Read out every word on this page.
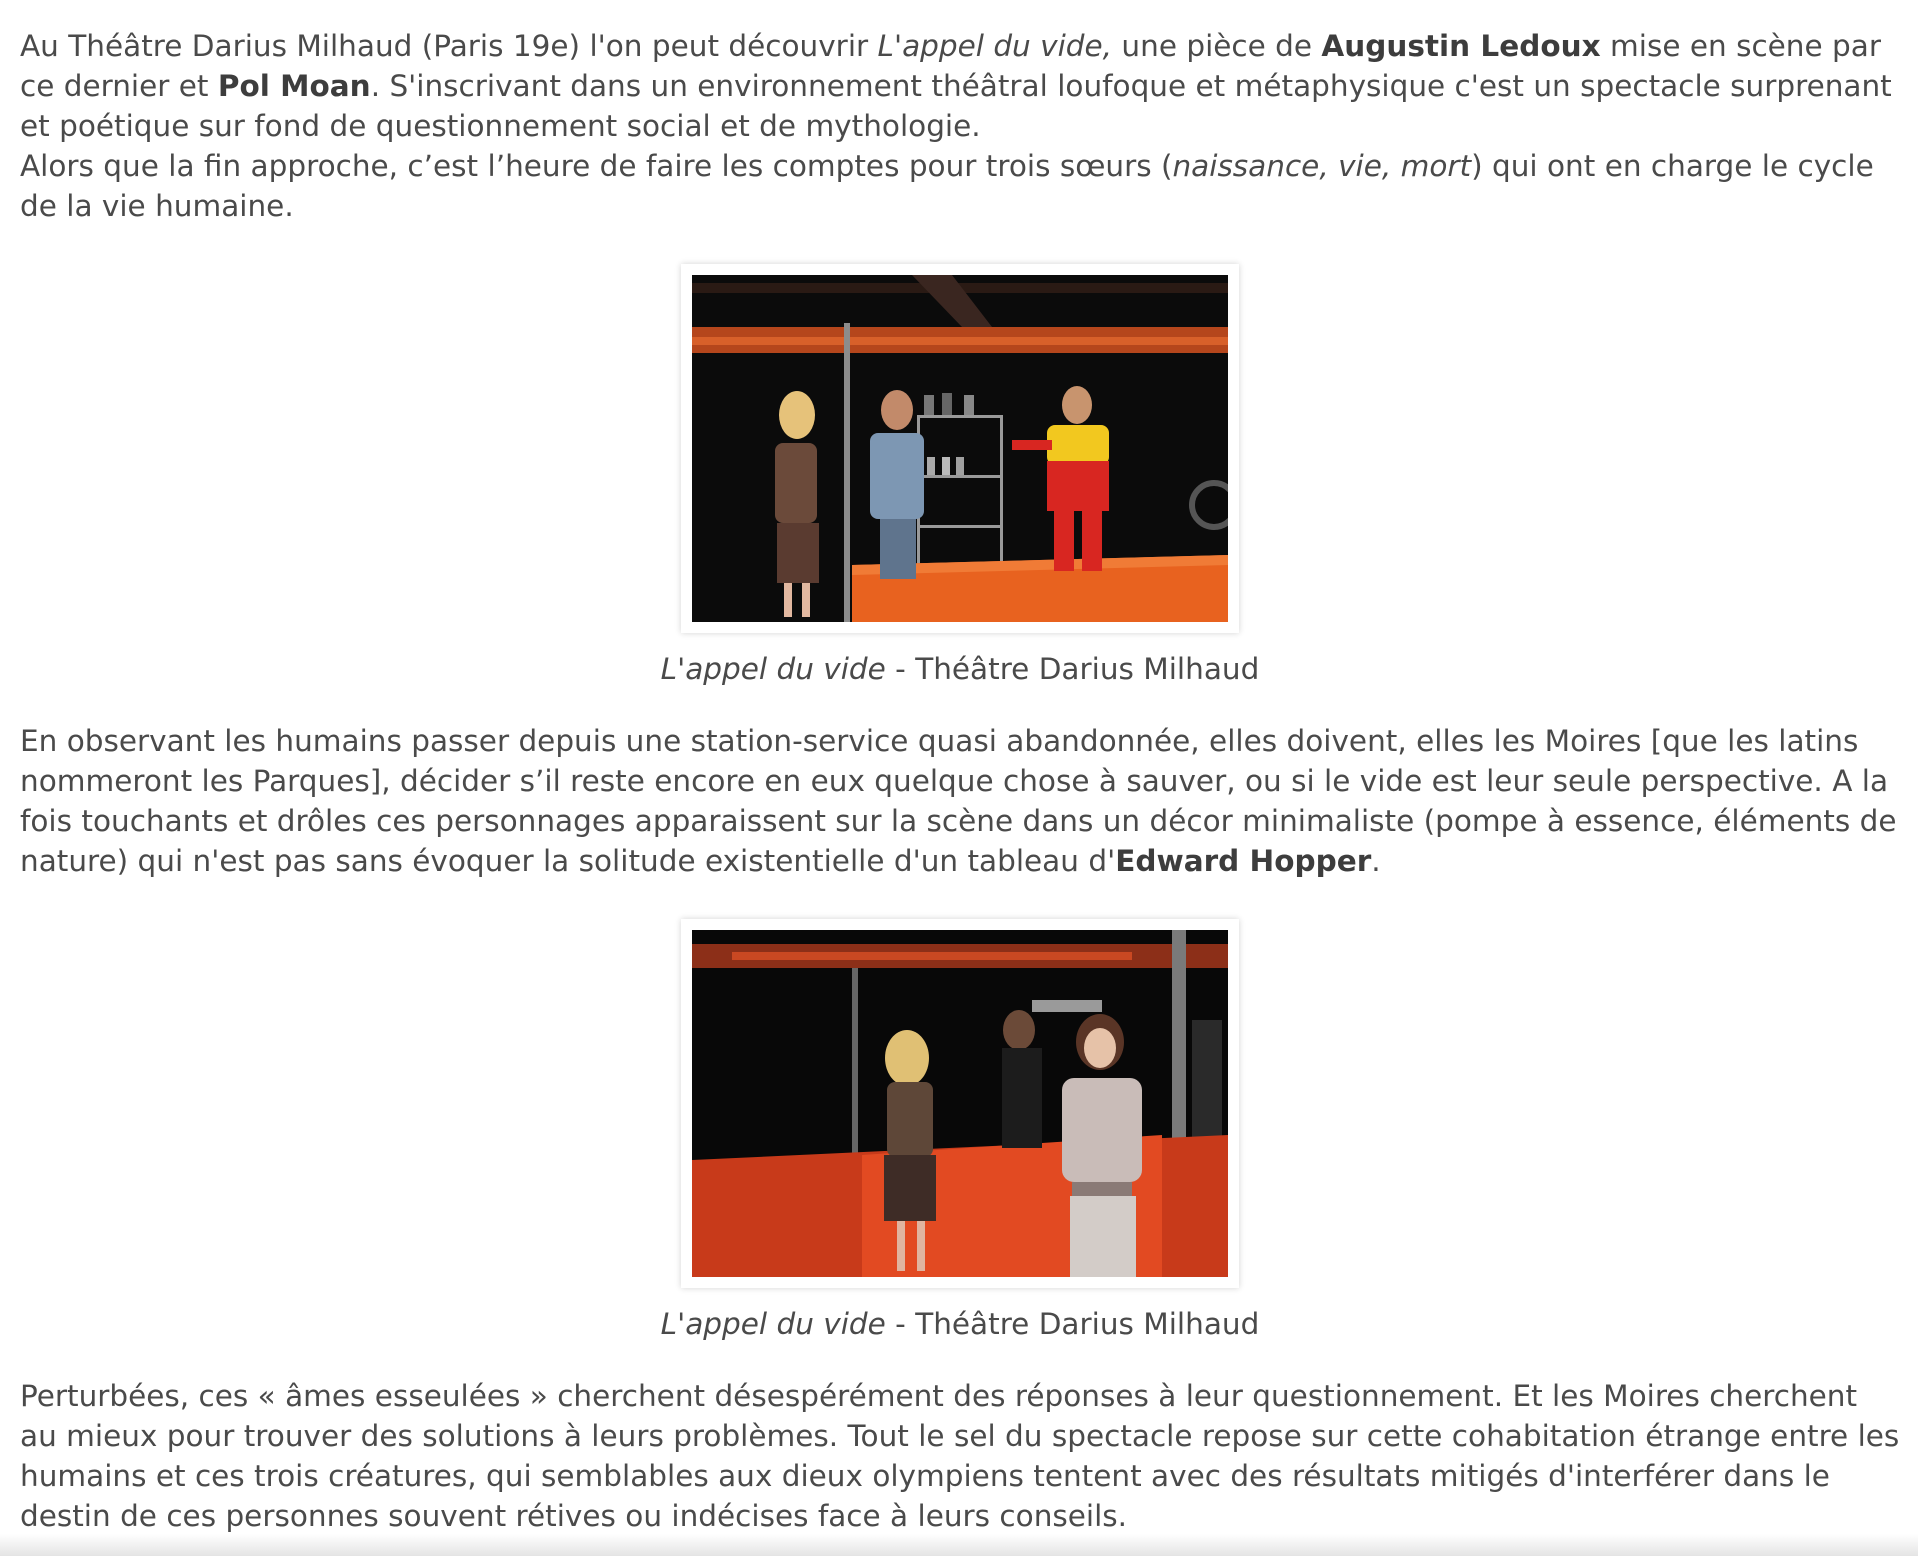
Au Théâtre Darius Milhaud (Paris 19e) l'on peut découvrir L'appel du vide, une pièce de Augustin Ledoux mise en scène par ce dernier et Pol Moan. S'inscrivant dans un environnement théâtral loufoque et métaphysique c'est un spectacle surprenant et poétique sur fond de questionnement social et de mythologie.

Alors que la fin approche, c’est l’heure de faire les comptes pour trois sœurs (naissance, vie, mort) qui ont en charge le cycle de la vie humaine.

L'appel du vide - Théâtre Darius Milhaud

En observant les humains passer depuis une station-service quasi abandonnée, elles doivent, elles les Moires [que les latins nommeront les Parques], décider s’il reste encore en eux quelque chose à sauver, ou si le vide est leur seule perspective. A la fois touchants et drôles ces personnages apparaissent sur la scène dans un décor minimaliste (pompe à essence, éléments de nature) qui n'est pas sans évoquer la solitude existentielle d'un tableau d'Edward Hopper.

L'appel du vide - Théâtre Darius Milhaud

Perturbées, ces « âmes esseulées » cherchent désespérément des réponses à leur questionnement. Et les Moires cherchent au mieux pour trouver des solutions à leurs problèmes. Tout le sel du spectacle repose sur cette cohabitation étrange entre les humains et ces trois créatures, qui semblables aux dieux olympiens tentent avec des résultats mitigés d'interférer dans le destin de ces personnes souvent rétives ou indécises face à leurs conseils.
